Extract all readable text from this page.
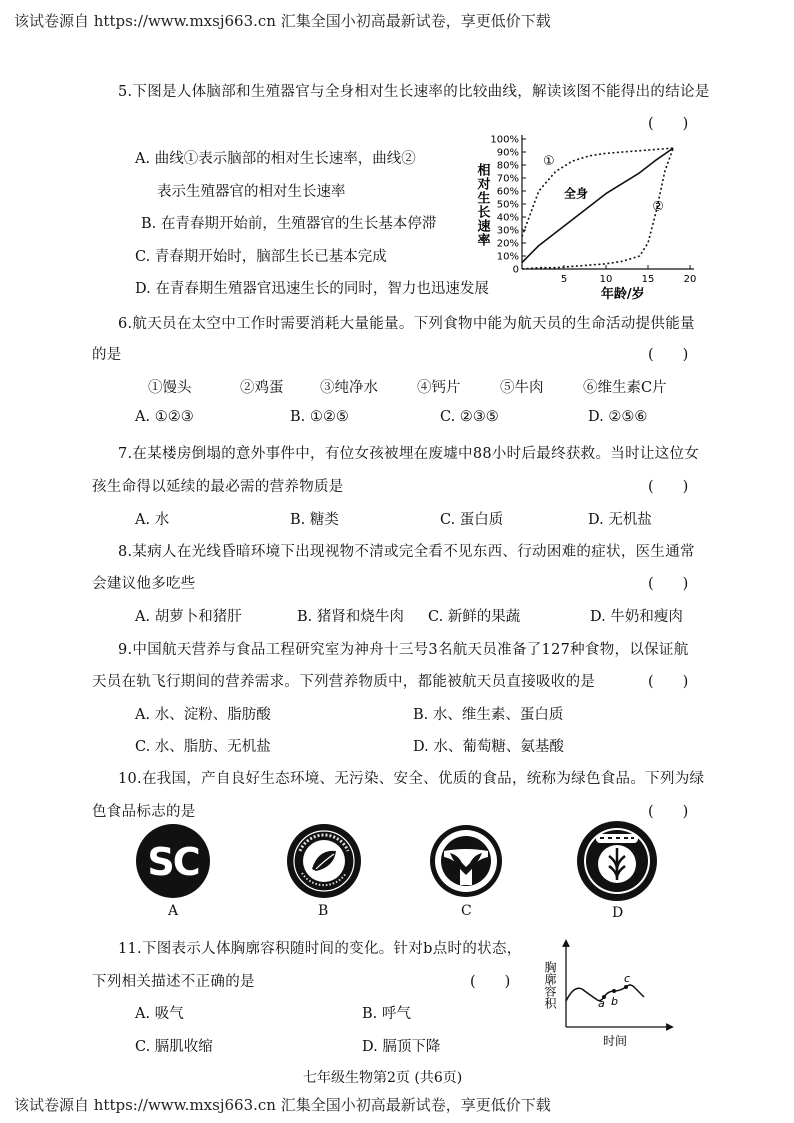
该试卷源自 https://www.mxsj663.cn 汇集全国小初高最新试卷，享更低价下载
5.下图是人体脑部和生殖器官与全身相对生长速率的比较曲线，解读该图不能得出的结论是
(　　)
A. 曲线①表示脑部的相对生长速率，曲线②
表示生殖器官的相对生长速率
B. 在青春期开始前，生殖器官的生长基本停滞
C. 青春期开始时，脑部生长已基本完成
D. 在青春期生殖器官迅速生长的同时，智力也迅速发展
100%
90%
80%
70%
60%
50%
40%
30%
20%
10%
0
5	10	15	20
相对生长速率
年龄/岁
①
全身
②
6.航天员在太空中工作时需要消耗大量能量。下列食物中能为航天员的生命活动提供能量
的是	(　　)
①馒头	②鸡蛋	③纯净水	④钙片	⑤牛肉	⑥维生素C片
A. ①②③	B. ①②⑤	C. ②③⑤	D. ②⑤⑥
7.在某楼房倒塌的意外事件中，有位女孩被埋在废墟中88小时后最终获救。当时让这位女
孩生命得以延续的最必需的营养物质是	(　　)
A. 水	B. 糖类	C. 蛋白质	D. 无机盐
8.某病人在光线昏暗环境下出现视物不清或完全看不见东西、行动困难的症状，医生通常
会建议他多吃些	(　　)
A. 胡萝卜和猪肝	B. 猪肾和烧牛肉 C. 新鲜的果蔬	D. 牛奶和瘦肉
9.中国航天营养与食品工程研究室为神舟十三号3名航天员准备了127种食物，以保证航
天员在轨飞行期间的营养需求。下列营养物质中，都能被航天员直接吸收的是	(　　)
A. 水、淀粉、脂肪酸	B. 水、维生素、蛋白质
C. 水、脂肪、无机盐	D. 水、葡萄糖、氨基酸
10.在我国，产自良好生态环境、无污染、安全、优质的食品，统称为绿色食品。下列为绿
色食品标志的是	(　　)
SC
A	B	C	D
11.下图表示人体胸廓容积随时间的变化。针对b点时的状态，
下列相关描述不正确的是	(　　)
A. 吸气	B. 呼气
C. 膈肌收缩	D. 膈顶下降
胸廓容积
时间
a b
c
七年级生物第2页 (共6页)
该试卷源自 https://www.mxsj663.cn 汇集全国小初高最新试卷，享更低价下载
